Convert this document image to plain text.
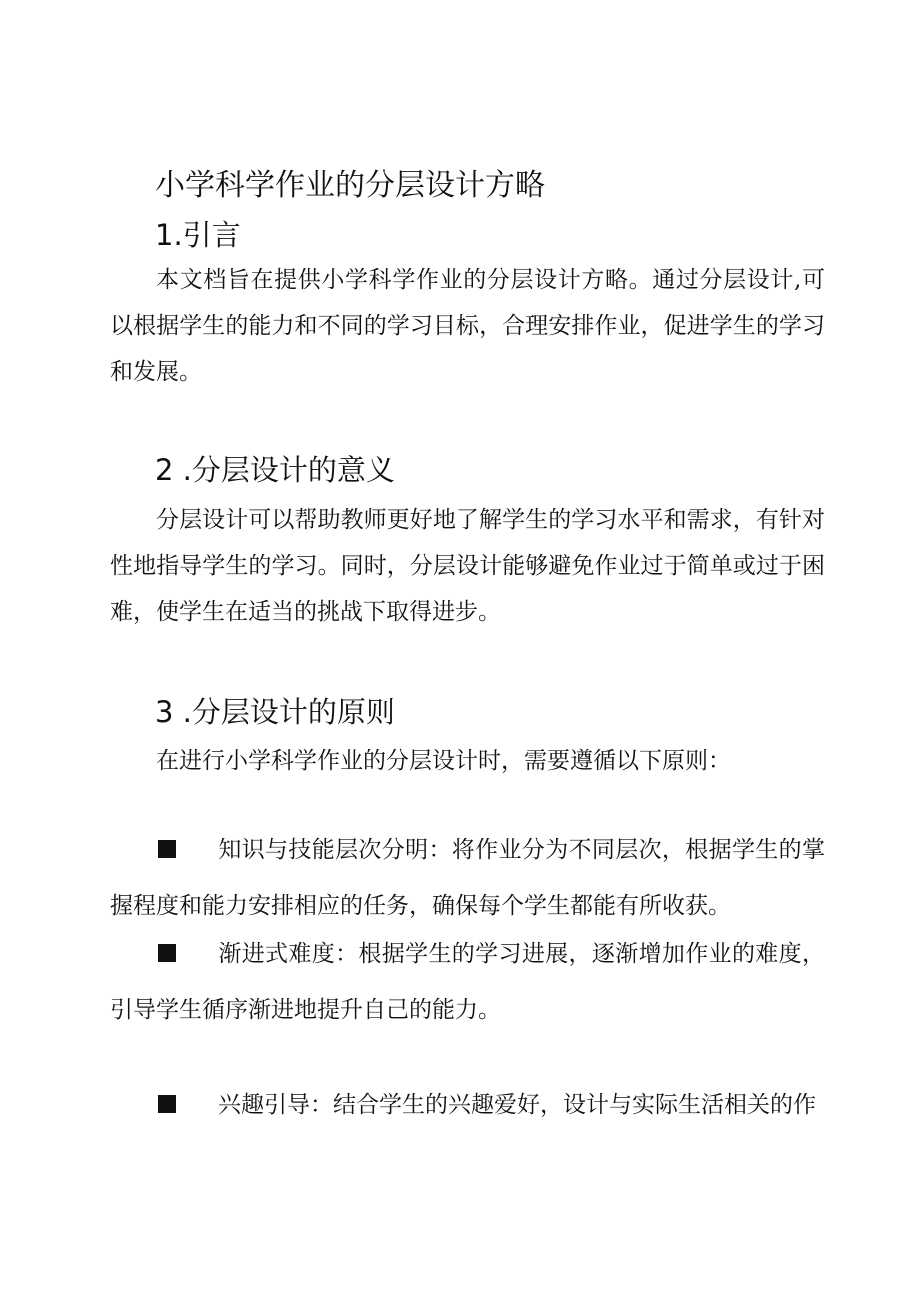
小学科学作业的分层设计方略
1.引言

本文档旨在提供小学科学作业的分层设计方略。通过分层设计,可以根据学生的能力和不同的学习目标，合理安排作业，促进学生的学习和发展。

2 .分层设计的意义

分层设计可以帮助教师更好地了解学生的学习水平和需求，有针对性地指导学生的学习。同时，分层设计能够避免作业过于简单或过于困难，使学生在适当的挑战下取得进步。

3 .分层设计的原则

在进行小学科学作业的分层设计时，需要遵循以下原则：

知识与技能层次分明：将作业分为不同层次，根据学生的掌握程度和能力安排相应的任务，确保每个学生都能有所收获。
渐进式难度：根据学生的学习进展，逐渐增加作业的难度，引导学生循序渐进地提升自己的能力。
兴趣引导：结合学生的兴趣爱好，设计与实际生活相关的作
